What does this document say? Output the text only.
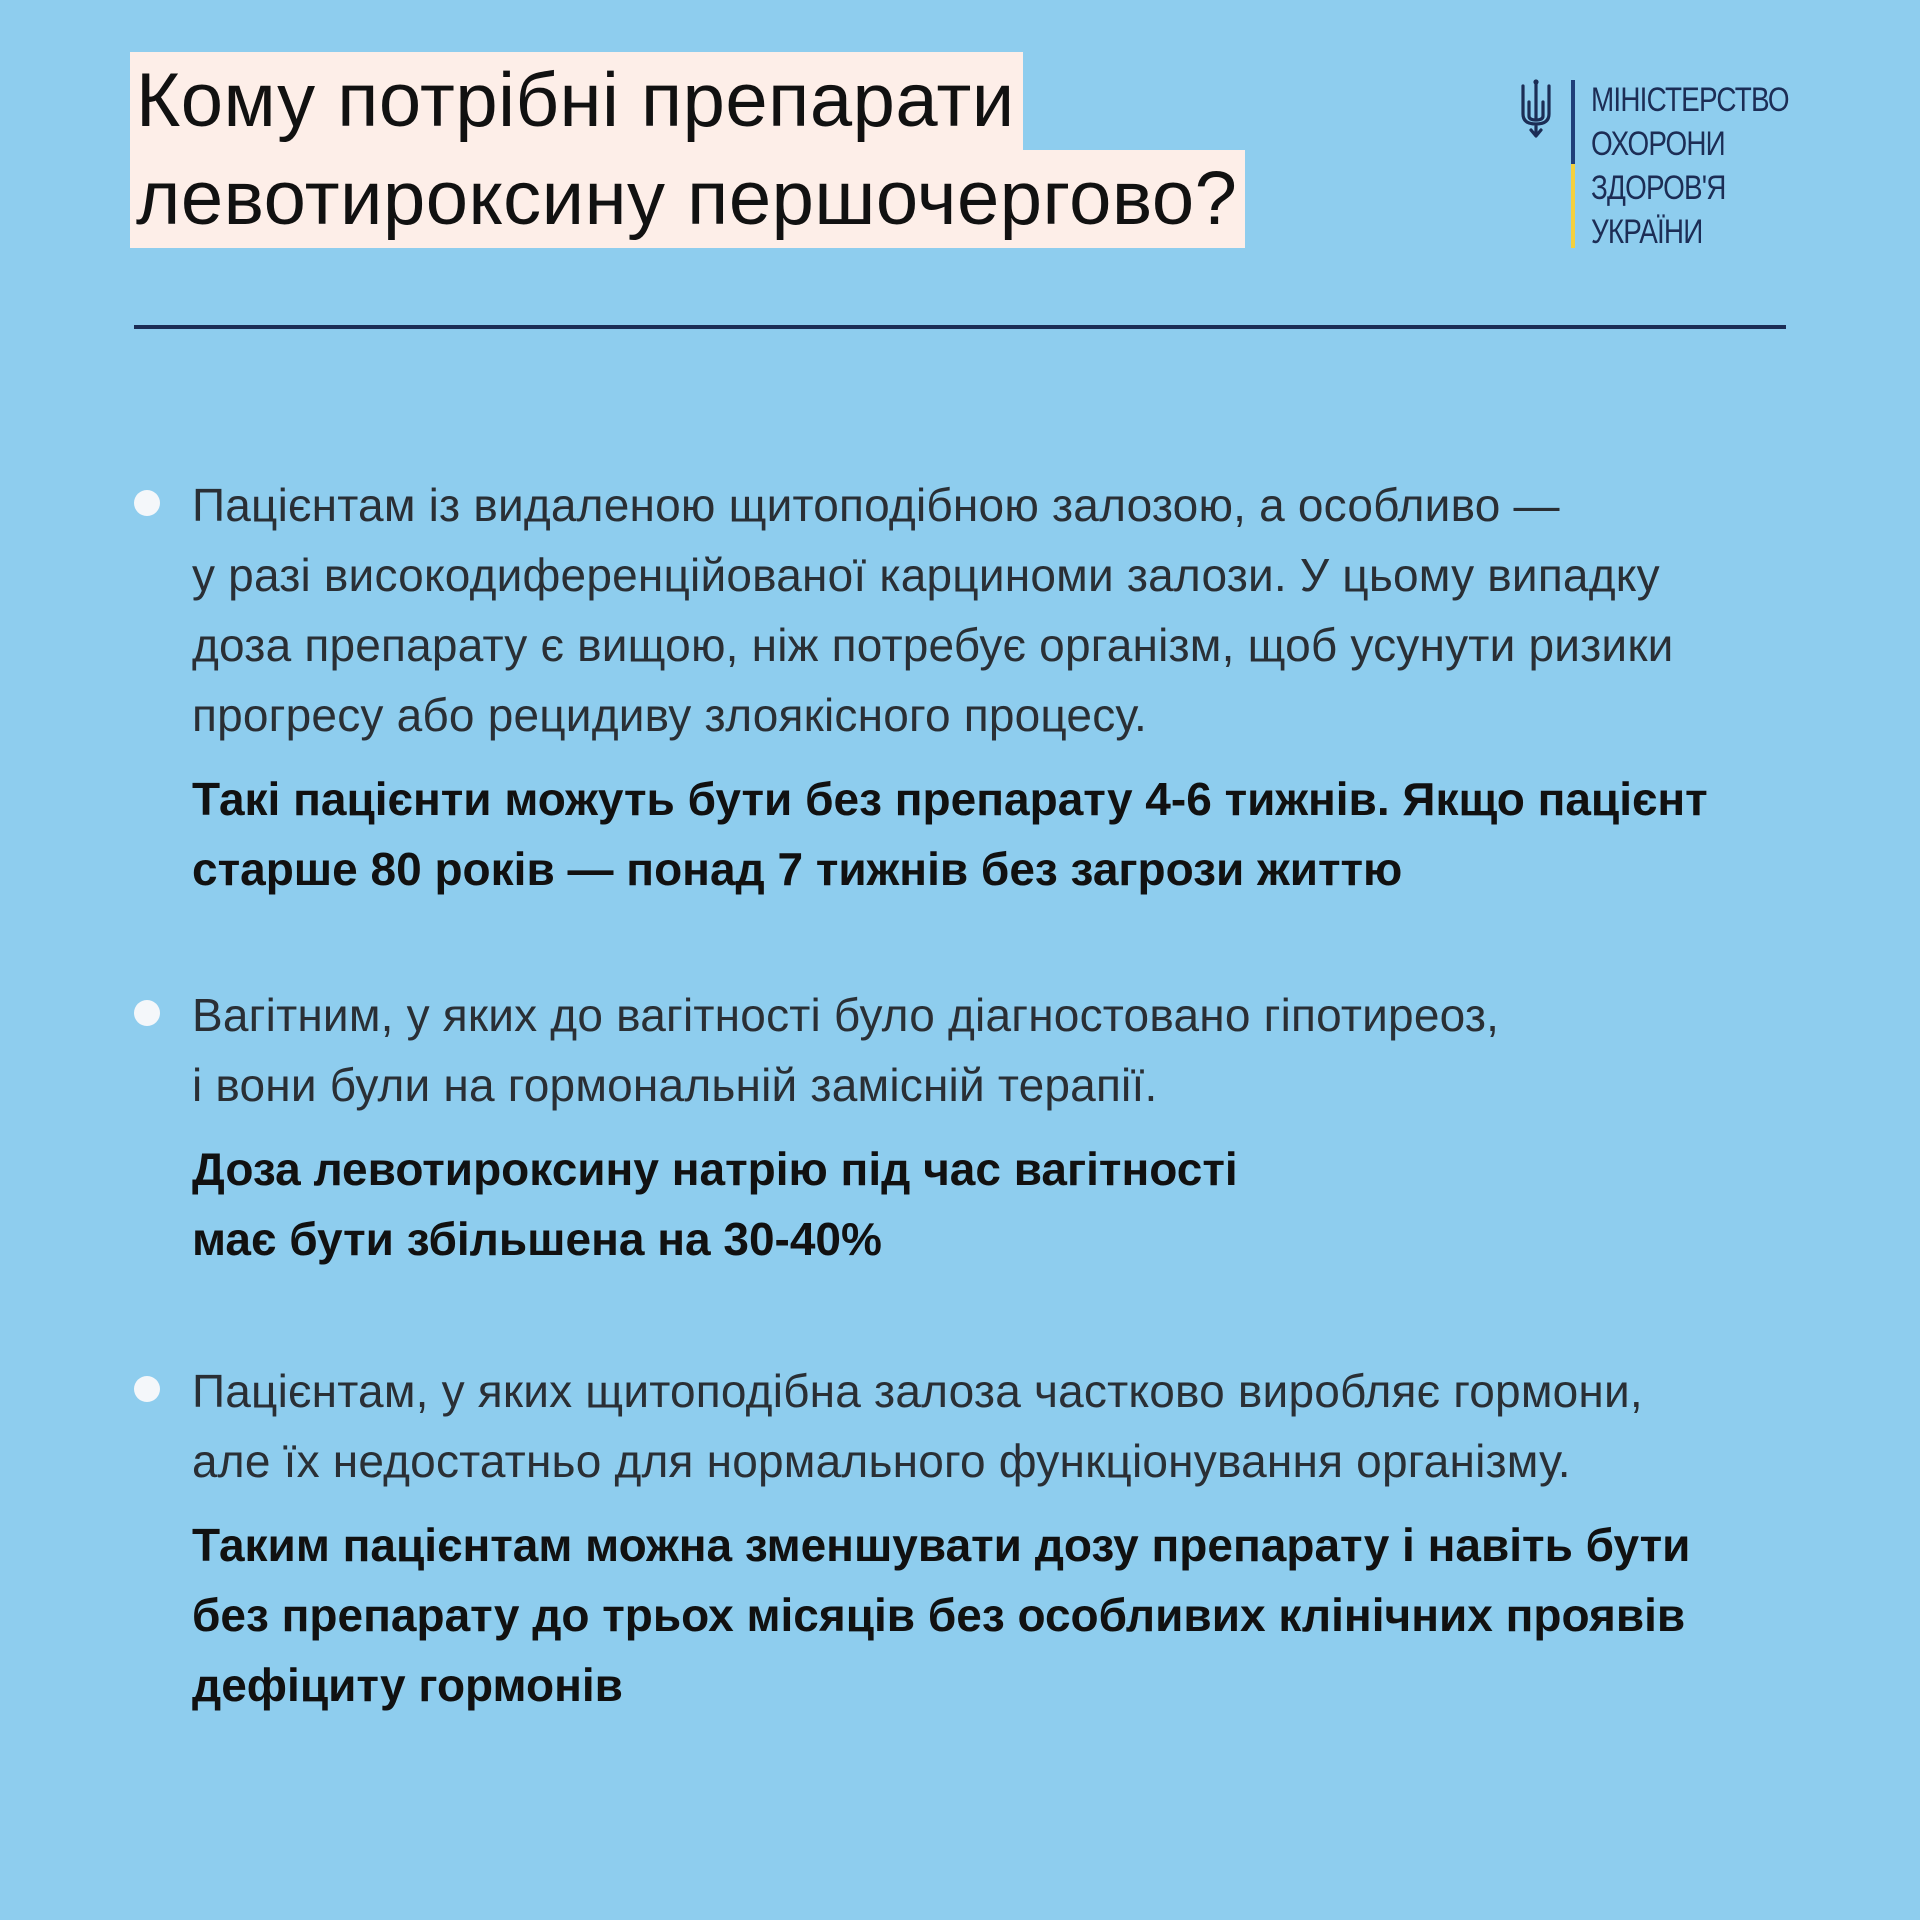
Кому потрібні препарати
левотироксину першочергово?
МІНІСТЕРСТВО
ОХОРОНИ
ЗДОРОВ'Я
УКРАЇНИ
Пацієнтам із видаленою щитоподібною залозою, а особливо —
у разі високодиференційованої карциноми залози. У цьому випадку
доза препарату є вищою, ніж потребує організм, щоб усунути ризики
прогресу або рецидиву злоякісного процесу.
Такі пацієнти можуть бути без препарату 4-6 тижнів. Якщо пацієнт
старше 80 років — понад 7 тижнів без загрози життю
Вагітним, у яких до вагітності було діагностовано гіпотиреоз,
і вони були на гормональній замісній терапії.
Доза левотироксину натрію під час вагітності
має бути збільшена на 30-40%
Пацієнтам, у яких щитоподібна залоза частково виробляє гормони,
але їх недостатньо для нормального функціонування організму.
Таким пацієнтам можна зменшувати дозу препарату і навіть бути
без препарату до трьох місяців без особливих клінічних проявів
дефіциту гормонів
